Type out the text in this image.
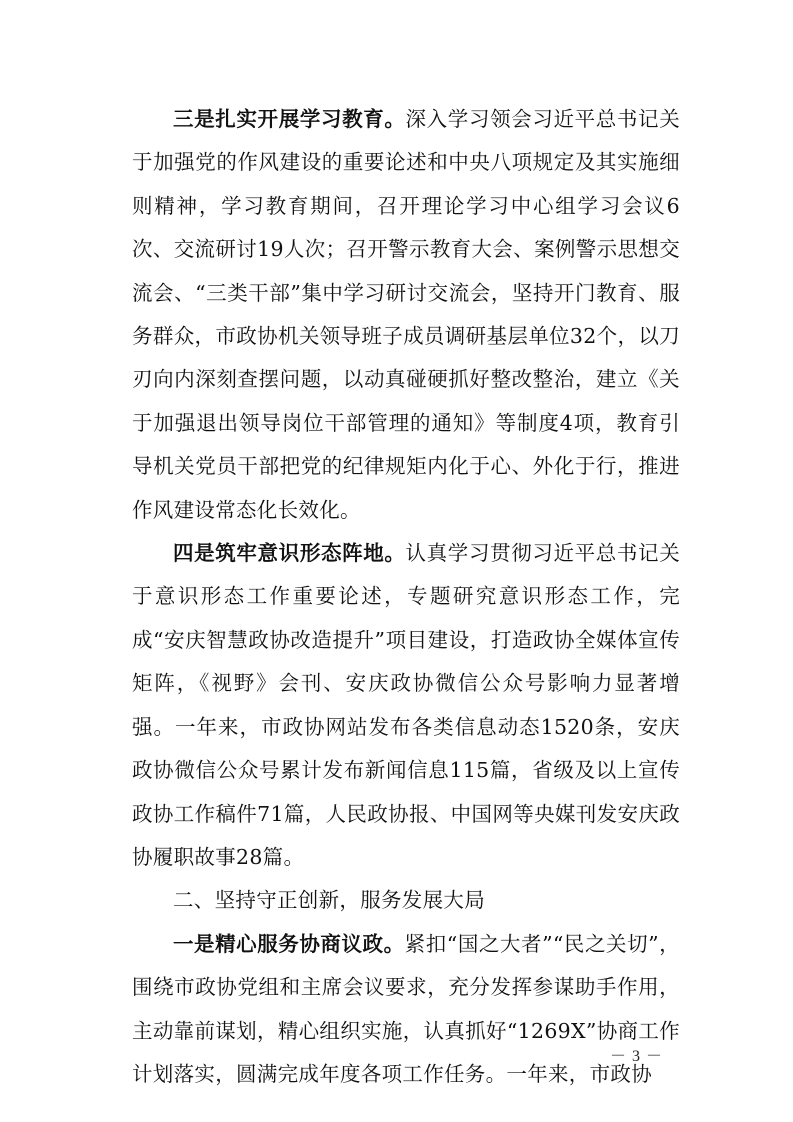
三是扎实开展学习教育。深入学习领会习近平总书记关于加强党的作风建设的重要论述和中央八项规定及其实施细则精神，学习教育期间，召开理论学习中心组学习会议6次、交流研讨19人次；召开警示教育大会、案例警示思想交流会、“三类干部”集中学习研讨交流会，坚持开门教育、服务群众，市政协机关领导班子成员调研基层单位32个，以刀刃向内深刻查摆问题，以动真碰硬抓好整改整治，建立《关于加强退出领导岗位干部管理的通知》等制度4项，教育引导机关党员干部把党的纪律规矩内化于心、外化于行，推进作风建设常态化长效化。

四是筑牢意识形态阵地。认真学习贯彻习近平总书记关于意识形态工作重要论述，专题研究意识形态工作，完成“安庆智慧政协改造提升”项目建设，打造政协全媒体宣传矩阵，《视野》会刊、安庆政协微信公众号影响力显著增强。一年来，市政协网站发布各类信息动态1520条，安庆政协微信公众号累计发布新闻信息115篇，省级及以上宣传政协工作稿件71篇，人民政协报、中国网等央媒刊发安庆政协履职故事28篇。

二、坚持守正创新，服务发展大局

一是精心服务协商议政。紧扣“国之大者”“民之关切”，围绕市政协党组和主席会议要求，充分发挥参谋助手作用，主动靠前谋划，精心组织实施，认真抓好“1269X”协商工作计划落实，圆满完成年度各项工作任务。一年来，市政协

－ 3 －
